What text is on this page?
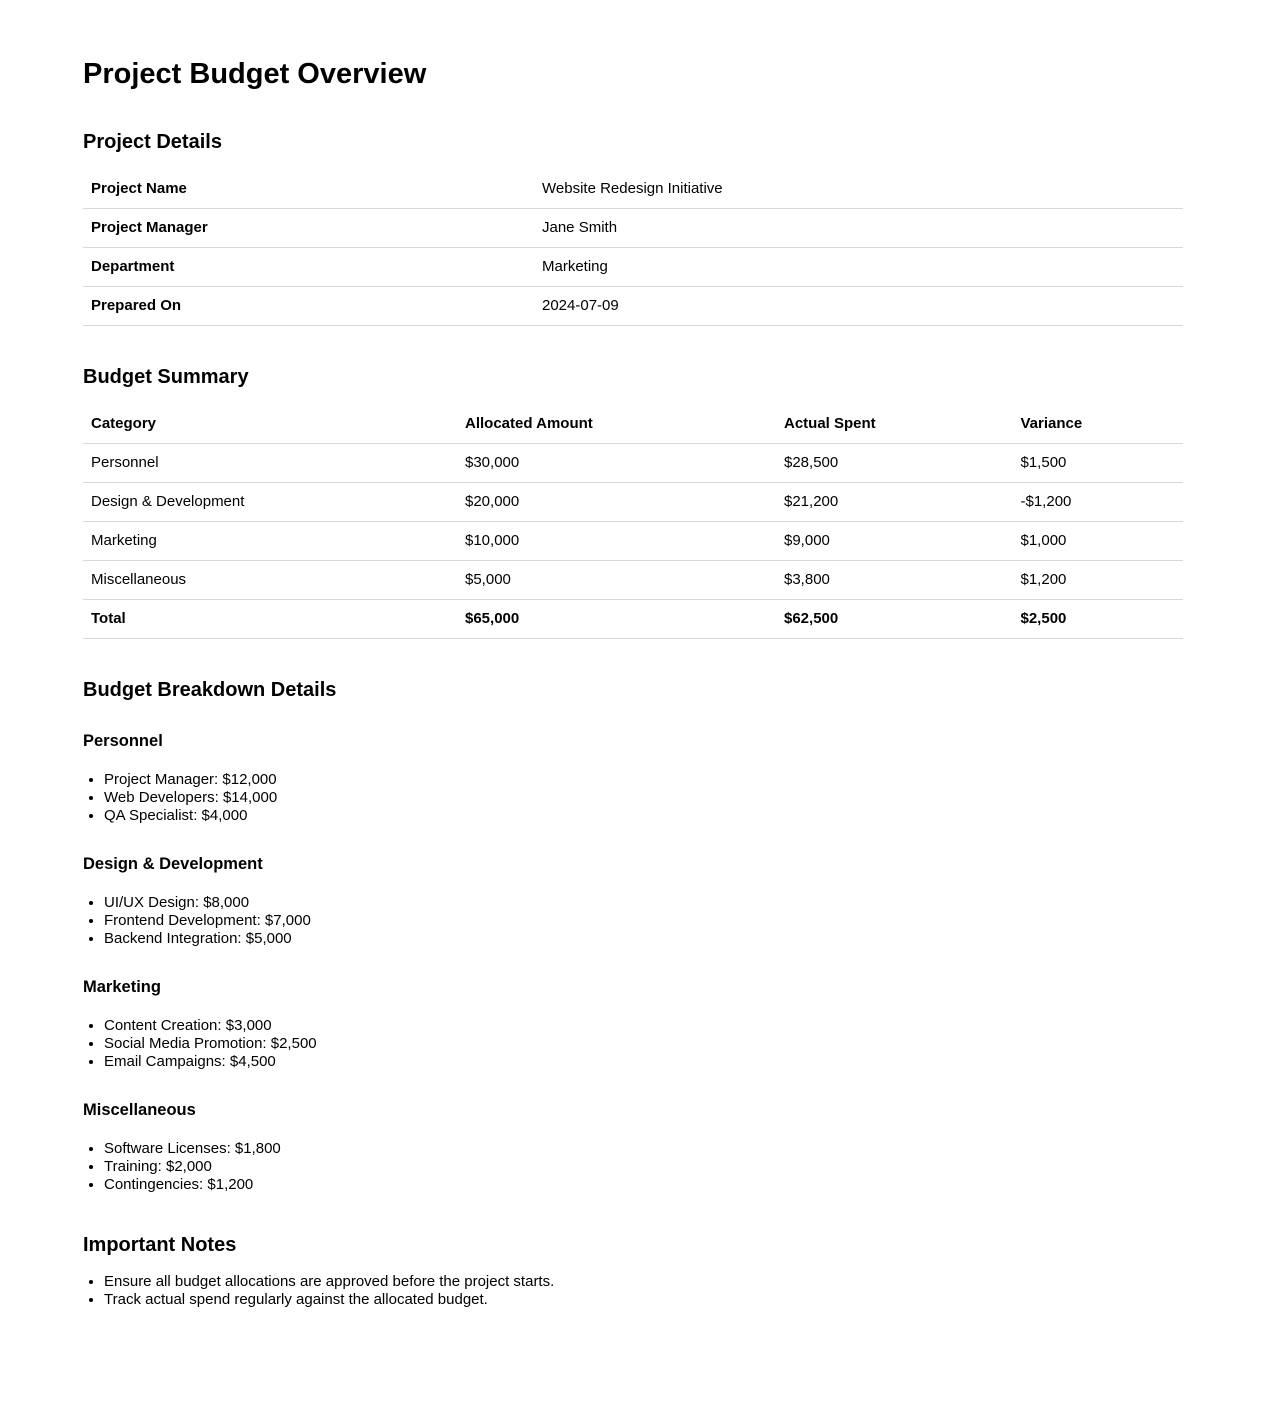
Project Budget Overview
Project Details
Project Name	Website Redesign Initiative
Project Manager	Jane Smith
Department	Marketing
Prepared On	2024-07-09
Budget Summary
Category	Allocated Amount	Actual Spent	Variance
Personnel	$30,000	$28,500	$1,500
Design & Development	$20,000	$21,200	-$1,200
Marketing	$10,000	$9,000	$1,000
Miscellaneous	$5,000	$3,800	$1,200
Total	$65,000	$62,500	$2,500
Budget Breakdown Details
Personnel
• Project Manager: $12,000
• Web Developers: $14,000
• QA Specialist: $4,000
Design & Development
• UI/UX Design: $8,000
• Frontend Development: $7,000
• Backend Integration: $5,000
Marketing
• Content Creation: $3,000
• Social Media Promotion: $2,500
• Email Campaigns: $4,500
Miscellaneous
• Software Licenses: $1,800
• Training: $2,000
• Contingencies: $1,200
Important Notes
• Ensure all budget allocations are approved before the project starts.
• Track actual spend regularly against the allocated budget.
